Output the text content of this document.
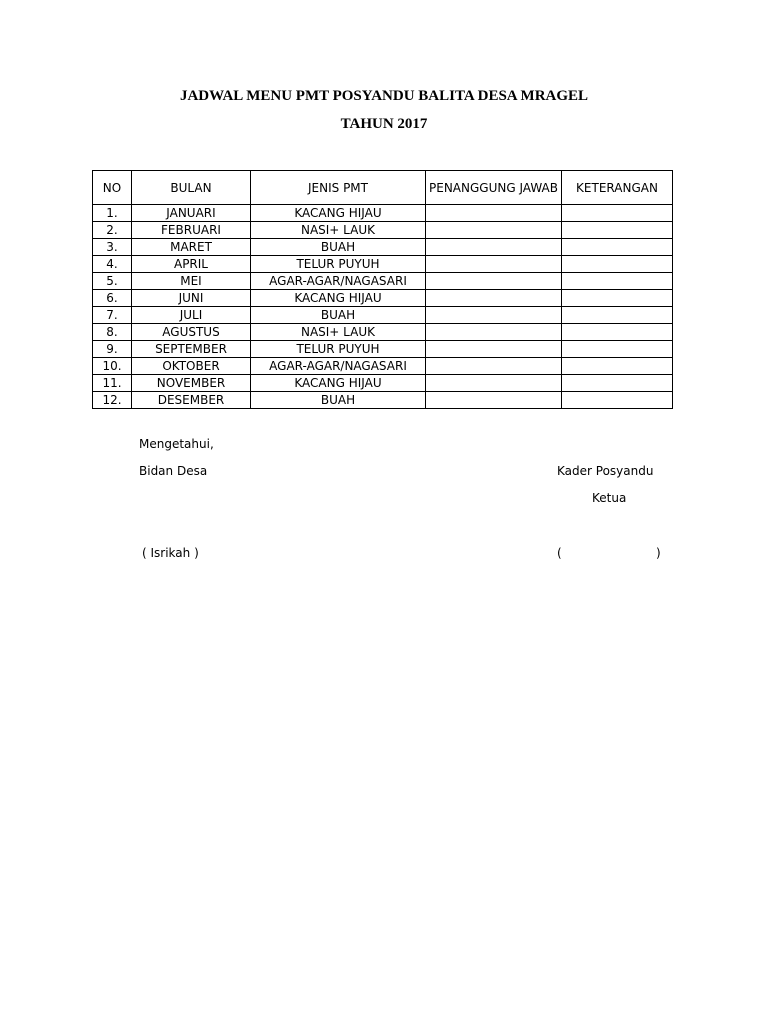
JADWAL MENU PMT POSYANDU BALITA DESA MRAGEL
TAHUN 2017
NO	BULAN	JENIS PMT	PENANGGUNG JAWAB	KETERANGAN
1.	JANUARI	KACANG HIJAU		
2.	FEBRUARI	NASI+ LAUK		
3.	MARET	BUAH		
4.	APRIL	TELUR PUYUH		
5.	MEI	AGAR-AGAR/NAGASARI		
6.	JUNI	KACANG HIJAU		
7.	JULI	BUAH		
8.	AGUSTUS	NASI+ LAUK		
9.	SEPTEMBER	TELUR PUYUH		
10.	OKTOBER	AGAR-AGAR/NAGASARI		
11.	NOVEMBER	KACANG HIJAU		
12.	DESEMBER	BUAH		
Mengetahui,
Bidan Desa	Kader Posyandu
Ketua
( Isrikah )	(	)
